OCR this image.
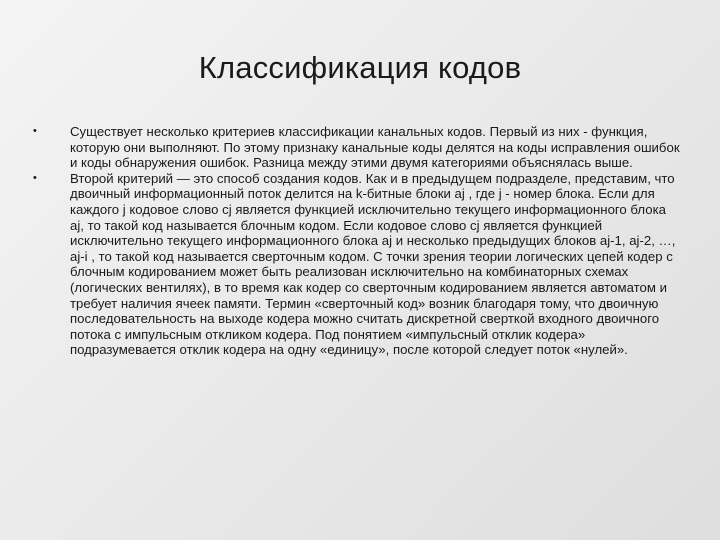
Классификация кодов
•	Существует несколько критериев классификации канальных кодов. Первый из них - функция, которую они выполняют. По этому признаку канальные коды делятся на коды исправления ошибок и коды обнаружения ошибок. Разница между этими двумя категориями объяснялась выше.
•	Второй критерий — это способ создания кодов. Как и в предыдущем подразделе, представим, что двоичный информационный поток делится на k-битные блоки aj , где j - номер блока. Если для каждого j кодовое слово cj является функцией исключительно текущего информационного блока aj, то такой код называется блочным кодом. Если кодовое слово cj является функцией исключительно текущего информационного блока aj и несколько предыдущих блоков aj-1, aj-2, …, aj-i , то такой код называется сверточным кодом. С точки зрения теории логических цепей кодер с блочным кодированием может быть реализован исключительно на комбинаторных схемах (логических вентилях), в то время как кодер со сверточным кодированием является автоматом и требует наличия ячеек памяти. Термин «сверточный код» возник благодаря тому, что двоичную последовательность на выходе кодера можно считать дискретной сверткой входного двоичного потока с импульсным откликом кодера. Под понятием «импульсный отклик кодера» подразумевается отклик кодера на одну «единицу», после которой следует поток «нулей».
